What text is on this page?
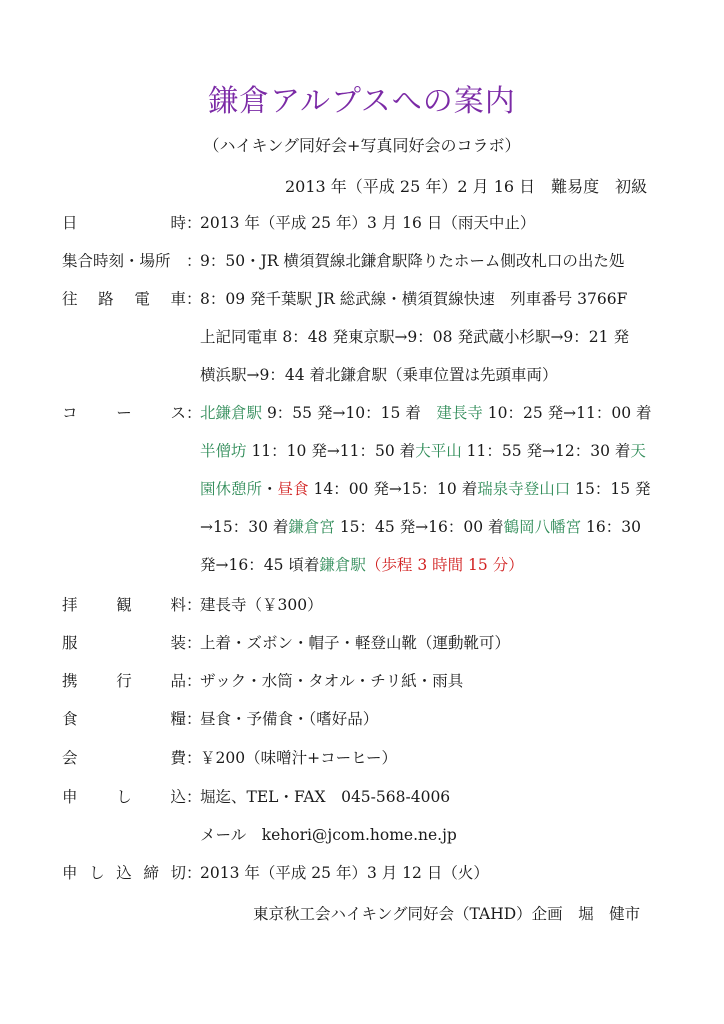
鎌倉アルプスへの案内
（ハイキング同好会+写真同好会のコラボ）
2013 年（平成 25 年）2 月 16 日　難易度　初級
日	時 ：
2013 年（平成 25 年）3 月 16 日（雨天中止）
集合時刻・場所 ：
9：50・JR 横須賀線北鎌倉駅降りたホーム側改札口の出た処
往 路 電 車 ：
8：09 発千葉駅 JR 総武線・横須賀線快速　列車番号 3766F
上記同電車 8：48 発東京駅→9：08 発武蔵小杉駅→9：21 発
横浜駅→9：44 着北鎌倉駅（乗車位置は先頭車両）
コ ー ス ：
北鎌倉駅 9：55 発→10：15 着　建長寺 10：25 発→11：00 着
半僧坊 11：10 発→11：50 着大平山 11：55 発→12：30 着天
園休憩所・昼食 14：00 発→15：10 着瑞泉寺登山口 15：15 発
→15：30 着鎌倉宮 15：45 発→16：00 着鶴岡八幡宮 16：30
発→16：45 頃着鎌倉駅（歩程 3 時間 15 分）
拝 観 料 ：
建長寺（￥300）
服	装 ：
上着・ズボン・帽子・軽登山靴（運動靴可）
携 行 品 ：
ザック・水筒・タオル・チリ紙・雨具
食	糧 ：
昼食・予備食・（嗜好品）
会	費 ：
￥200（味噌汁+コーヒー）
申 し 込 ：
堀迄、TEL・FAX　045-568-4006
メール　kehori@jcom.home.ne.jp
申 し 込 締 切 ：
2013 年（平成 25 年）3 月 12 日（火）
東京秋工会ハイキング同好会（TAHD）企画　堀　健市
